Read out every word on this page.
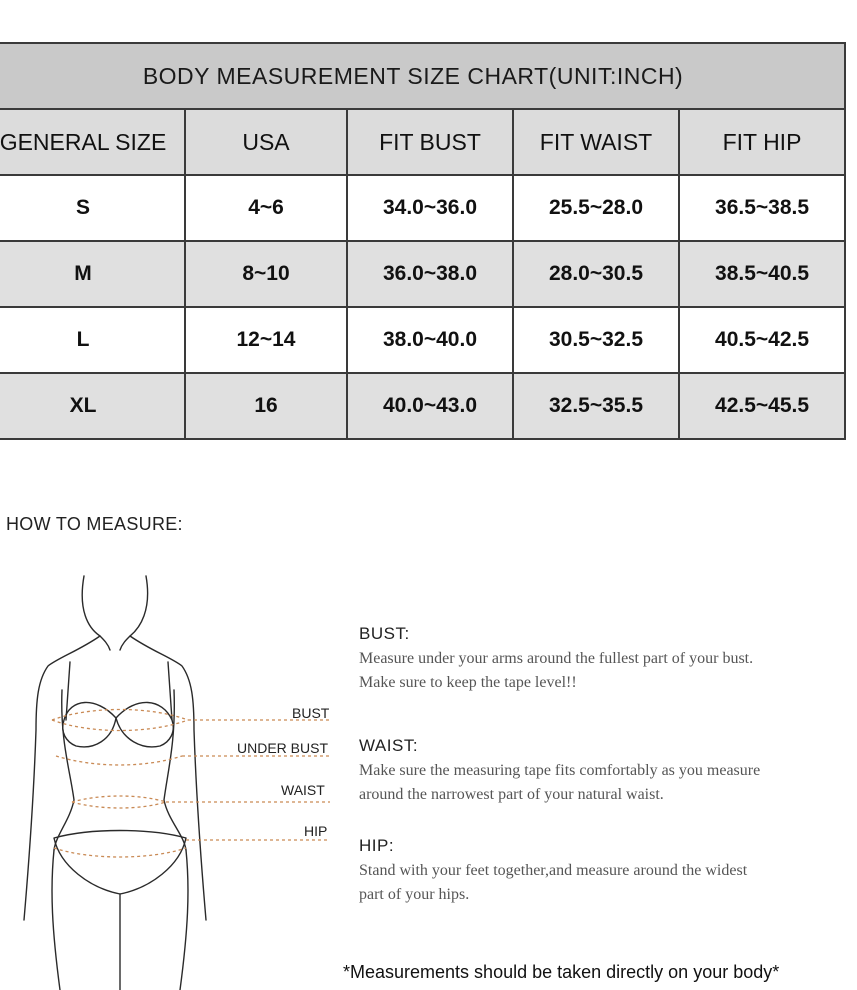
BODY MEASUREMENT SIZE CHART(UNIT:INCH)				
GENERAL SIZE	USA	FIT BUST	FIT WAIST	FIT HIP
S	4~6	34.0~36.0	25.5~28.0	36.5~38.5
M	8~10	36.0~38.0	28.0~30.5	38.5~40.5
L	12~14	38.0~40.0	30.5~32.5	40.5~42.5
XL	16	40.0~43.0	32.5~35.5	42.5~45.5
HOW TO MEASURE:
BUST
UNDER BUST
WAIST
HIP
BUST:
Measure under your arms around the fullest part of your bust.
Make sure to keep the tape level!!
WAIST:
Make sure the measuring tape fits comfortably as you measure
around the narrowest part of your natural waist.
HIP:
Stand with your feet together,and measure around the widest
part of your hips.
*Measurements should be taken directly on your body*
